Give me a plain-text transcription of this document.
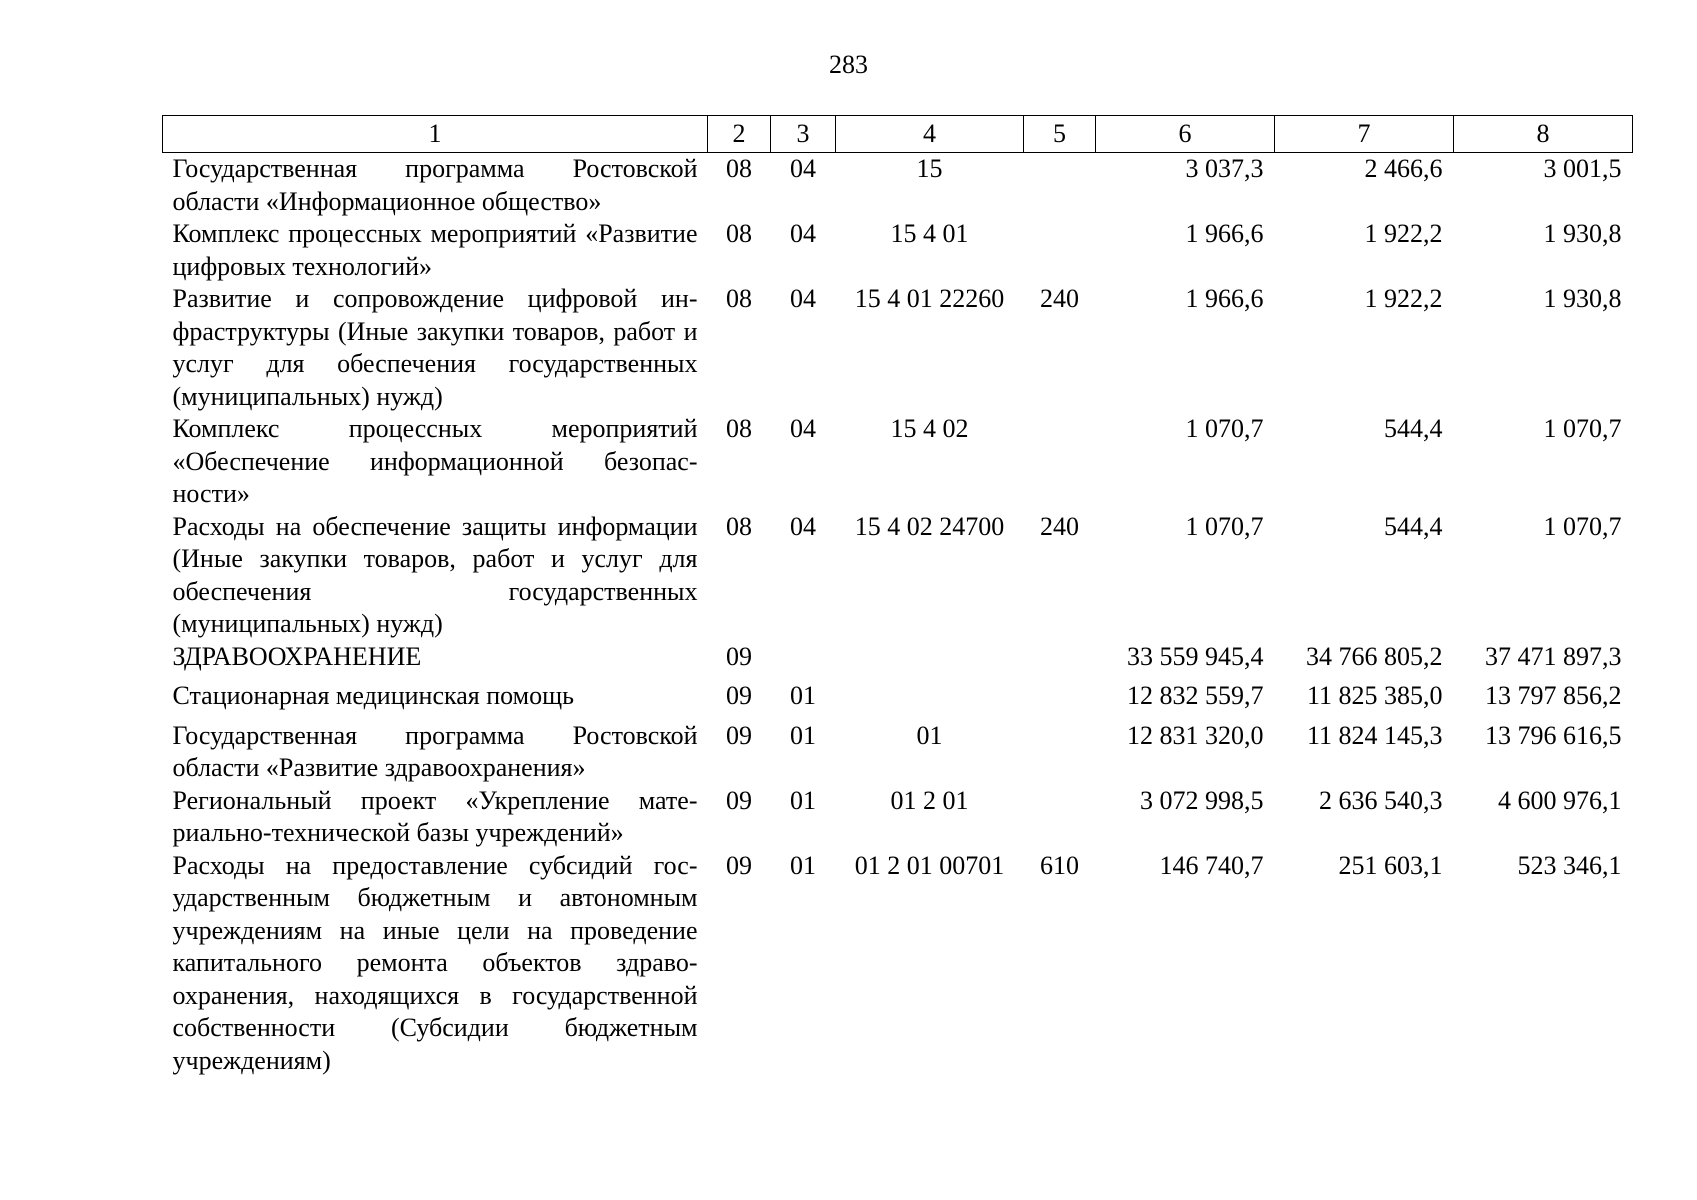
283
1	2	3	4	5	6	7	8
Государственная программа Ростовской области «Информационное общество»	08	04	15		3 037,3	2 466,6	3 001,5
Комплекс процессных мероприятий «Развитие цифровых технологий»	08	04	15 4 01		1 966,6	1 922,2	1 930,8
Развитие и сопровождение цифровой инфраструктуры (Иные закупки товаров, работ и услуг для обеспечения государственных (муниципальных) нужд)	08	04	15 4 01 22260	240	1 966,6	1 922,2	1 930,8
Комплекс процессных мероприятий «Обеспечение информационной безопасности»	08	04	15 4 02		1 070,7	544,4	1 070,7
Расходы на обеспечение защиты информации (Иные закупки товаров, работ и услуг для обеспечения государственных (муниципальных) нужд)	08	04	15 4 02 24700	240	1 070,7	544,4	1 070,7
ЗДРАВООХРАНЕНИЕ	09				33 559 945,4	34 766 805,2	37 471 897,3
Стационарная медицинская помощь	09	01			12 832 559,7	11 825 385,0	13 797 856,2
Государственная программа Ростовской области «Развитие здравоохранения»	09	01	01		12 831 320,0	11 824 145,3	13 796 616,5
Региональный проект «Укрепление материально-технической базы учреждений»	09	01	01 2 01		3 072 998,5	2 636 540,3	4 600 976,1
Расходы на предоставление субсидий государственным бюджетным и автономным учреждениям на иные цели на проведение капитального ремонта объектов здравоохранения, находящихся в государственной собственности (Субсидии бюджетным учреждениям)	09	01	01 2 01 00701	610	146 740,7	251 603,1	523 346,1
